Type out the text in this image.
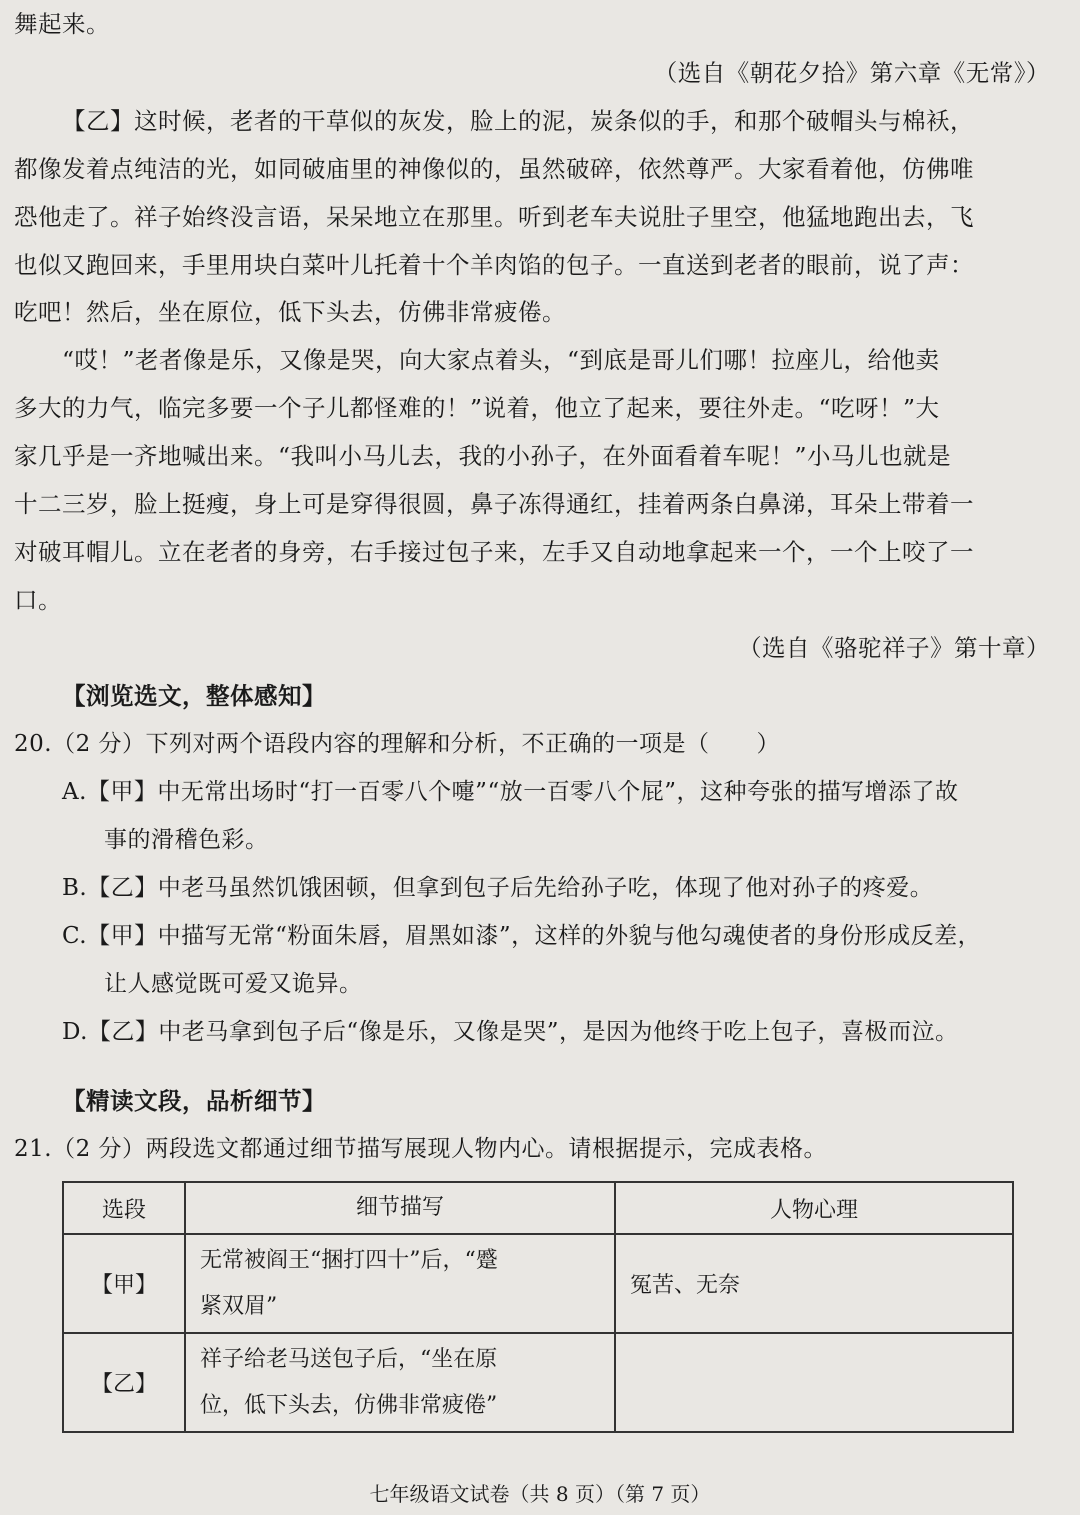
舞起来。
（选自《朝花夕拾》第六章《无常》）
【乙】这时候，老者的干草似的灰发，脸上的泥，炭条似的手，和那个破帽头与棉袄，
都像发着点纯洁的光，如同破庙里的神像似的，虽然破碎，依然尊严。大家看着他，仿佛唯
恐他走了。祥子始终没言语，呆呆地立在那里。听到老车夫说肚子里空，他猛地跑出去，飞
也似又跑回来，手里用块白菜叶儿托着十个羊肉馅的包子。一直送到老者的眼前，说了声：
吃吧！然后，坐在原位，低下头去，仿佛非常疲倦。
“哎！”老者像是乐，又像是哭，向大家点着头，“到底是哥儿们哪！拉座儿，给他卖
多大的力气，临完多要一个子儿都怪难的！”说着，他立了起来，要往外走。“吃呀！”大
家几乎是一齐地喊出来。“我叫小马儿去，我的小孙子，在外面看着车呢！”小马儿也就是
十二三岁，脸上挺瘦，身上可是穿得很圆，鼻子冻得通红，挂着两条白鼻涕，耳朵上带着一
对破耳帽儿。立在老者的身旁，右手接过包子来，左手又自动地拿起来一个，一个上咬了一
口。
（选自《骆驼祥子》第十章）
【浏览选文，整体感知】
20.（2 分）下列对两个语段内容的理解和分析，不正确的一项是（　　）
A.【甲】中无常出场时“打一百零八个嚏”“放一百零八个屁”，这种夸张的描写增添了故
事的滑稽色彩。
B.【乙】中老马虽然饥饿困顿，但拿到包子后先给孙子吃，体现了他对孙子的疼爱。
C.【甲】中描写无常“粉面朱唇，眉黑如漆”，这样的外貌与他勾魂使者的身份形成反差，
让人感觉既可爱又诡异。
D.【乙】中老马拿到包子后“像是乐，又像是哭”，是因为他终于吃上包子，喜极而泣。
【精读文段，品析细节】
21.（2 分）两段选文都通过细节描写展现人物内心。请根据提示，完成表格。
选段	细节描写	人物心理
【甲】	无常被阎王“捆打四十”后，“蹙
紧双眉”	冤苦、无奈
【乙】	祥子给老马送包子后，“坐在原
位，低下头去，仿佛非常疲倦”	

七年级语文试卷（共 8 页）（第 7 页）
